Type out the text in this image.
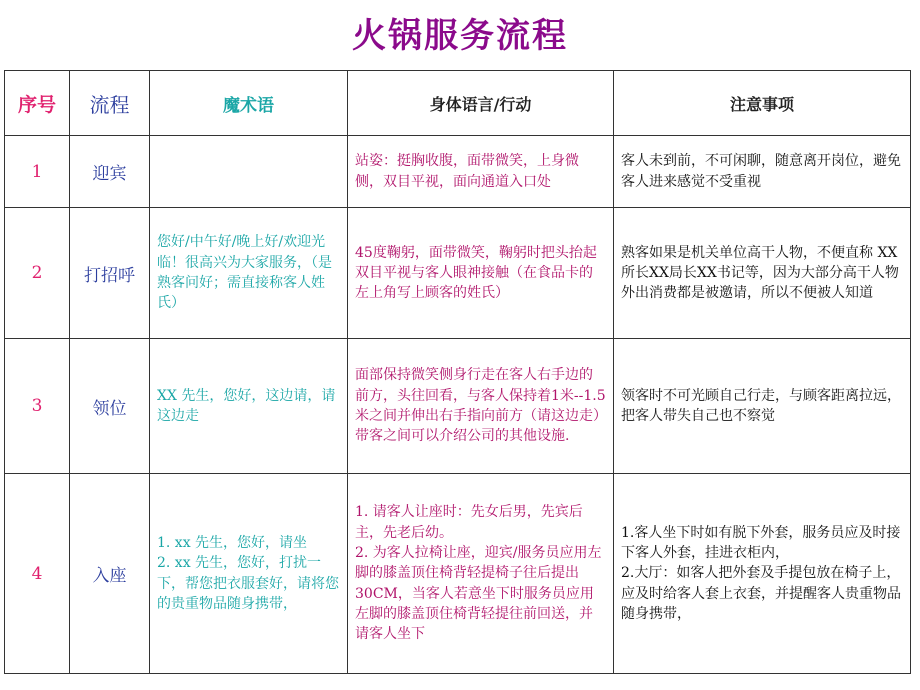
火锅服务流程
序号	流程	魔术语	身体语言/行动	注意事项
1	迎宾		站姿：挺胸收腹，面带微笑，上身微侧，双目平视，面向通道入口处	客人未到前，不可闲聊，随意离开岗位，避免客人进来感觉不受重视
2	打招呼	您好/中午好/晚上好/欢迎光临！很高兴为大家服务，（是熟客问好；需直接称客人姓氏）	45度鞠躬，面带微笑，鞠躬时把头抬起双目平视与客人眼神接触（在食品卡的左上角写上顾客的姓氏）	熟客如果是机关单位高干人物，不便直称 XX所长XX局长XX书记等，因为大部分高干人物外出消费都是被邀请，所以不便被人知道
3	领位	XX 先生，您好，这边请，请这边走	面部保持微笑侧身行走在客人右手边的前方，头往回看，与客人保持着1米--1.5米之间并伸出右手指向前方（请这边走）带客之间可以介绍公司的其他设施.	领客时不可光顾自己行走，与顾客距离拉远，把客人带失自己也不察觉
4	入座	1. xx 先生，您好，请坐
2. xx 先生，您好，打扰一下，帮您把衣服套好，请将您的贵重物品随身携带，	1. 请客人让座时：先女后男，先宾后主，先老后幼。
2. 为客人拉椅让座，迎宾/服务员应用左脚的膝盖顶住椅背轻提椅子往后提出30CM，当客人若意坐下时服务员应用左脚的膝盖顶住椅背轻提往前回送，并请客人坐下	1.客人坐下时如有脱下外套，服务员应及时接下客人外套，挂进衣柜内，
2.大厅：如客人把外套及手提包放在椅子上，应及时给客人套上衣套，并提醒客人贵重物品随身携带，
